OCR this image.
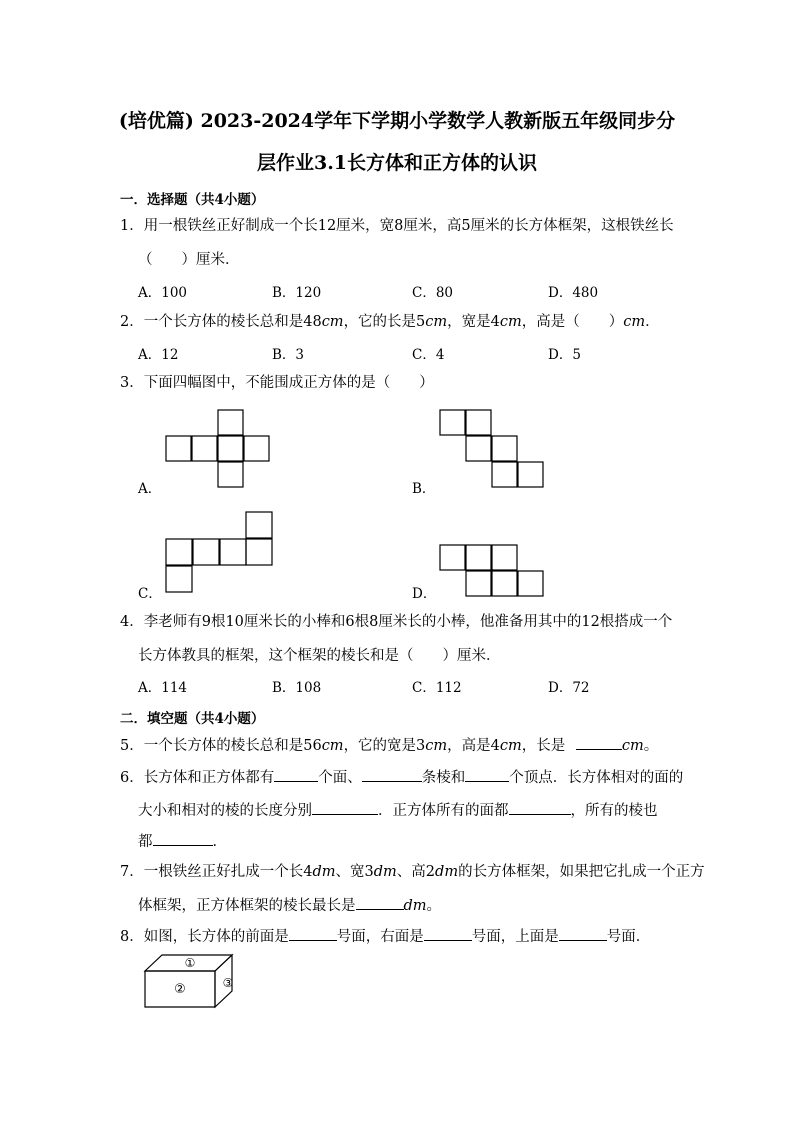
(培优篇) 2023-2024学年下学期小学数学人教新版五年级同步分
层作业3.1长方体和正方体的认识
一．选择题（共4小题）
1．用一根铁丝正好制成一个长12厘米，宽8厘米，高5厘米的长方体框架，这根铁丝长
（　　）厘米．
A．100	B．120	C．80	D．480
2．一个长方体的棱长总和是48cm，它的长是5cm，宽是4cm，高是（　　）cm．
A．12	B．3	C．4	D．5
3．下面四幅图中，不能围成正方体的是（　　）
A．	B．
C．	D．
4．李老师有9根10厘米长的小棒和6根8厘米长的小棒，他准备用其中的12根搭成一个
长方体教具的框架，这个框架的棱长和是（　　）厘米．
A．114	B．108	C．112	D．72
二．填空题（共4小题）
5．一个长方体的棱长总和是56cm，它的宽是3cm，高是4cm，长是	cm。
6．长方体和正方体都有	个面、	条棱和	个顶点．长方体相对的面的
大小和相对的棱的长度分别	．正方体所有的面都	，所有的棱也
都	．
7．一根铁丝正好扎成一个长4dm、宽3dm、高2dm的长方体框架，如果把它扎成一个正方
体框架，正方体框架的棱长最长是	dm。
8．如图，长方体的前面是	号面，右面是	号面，上面是	号面．
①
②	③
